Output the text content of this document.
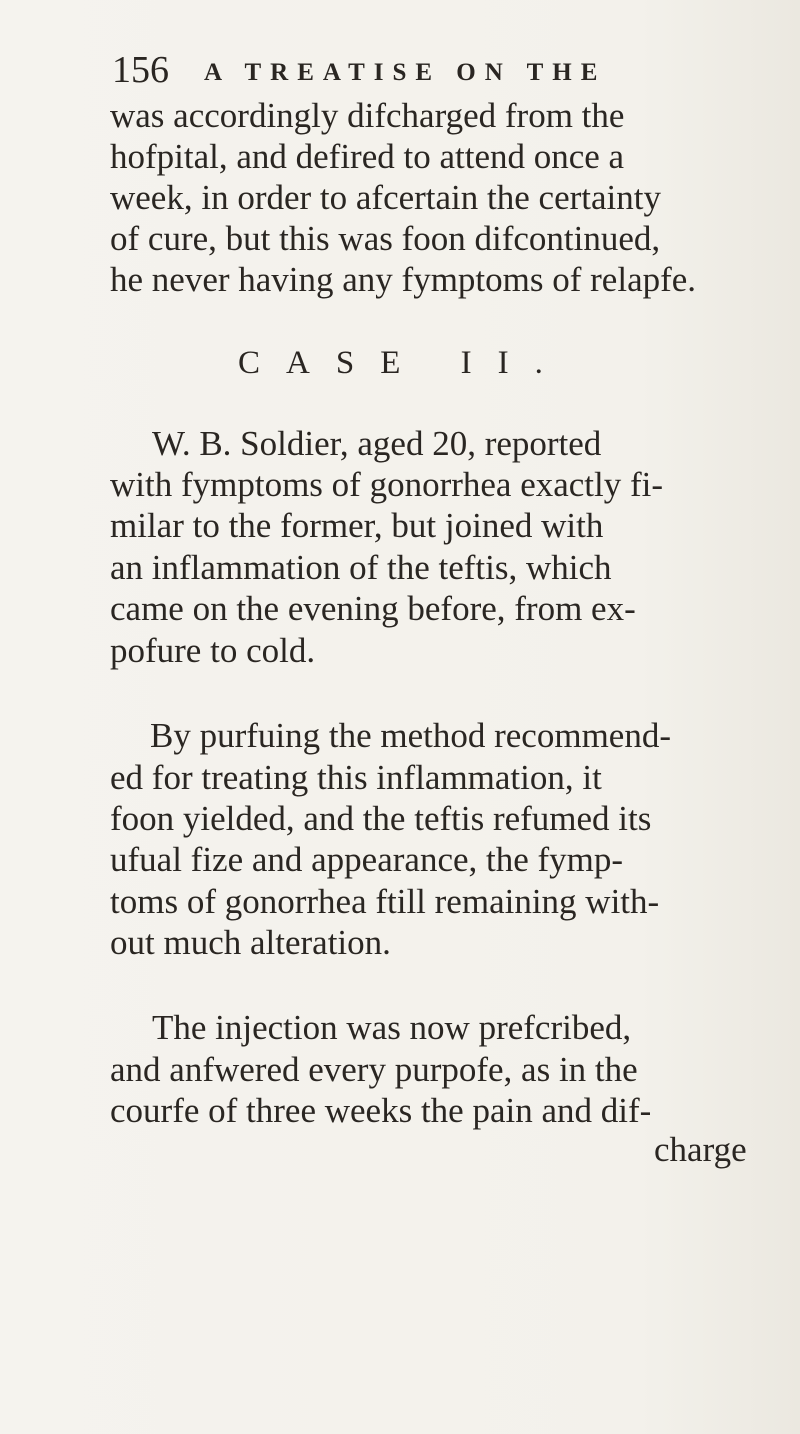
156 A TREATISE ON THE
was accordingly difcharged from the
hofpital, and defired to attend once a
week, in order to afcertain the certainty
of cure, but this was foon difcontinued,
he never having any fymptoms of relapfe.
CASE II.
W. B. Soldier, aged 20, reported
with fymptoms of gonorrhea exactly fi-
milar to the former, but joined with
an inflammation of the teftis, which
came on the evening before, from ex-
pofure to cold.
By purfuing the method recommend-
ed for treating this inflammation, it
foon yielded, and the teftis refumed its
ufual fize and appearance, the fymp-
toms of gonorrhea ftill remaining with-
out much alteration.
The injection was now prefcribed,
and anfwered every purpofe, as in the
courfe of three weeks the pain and dif-
charge
